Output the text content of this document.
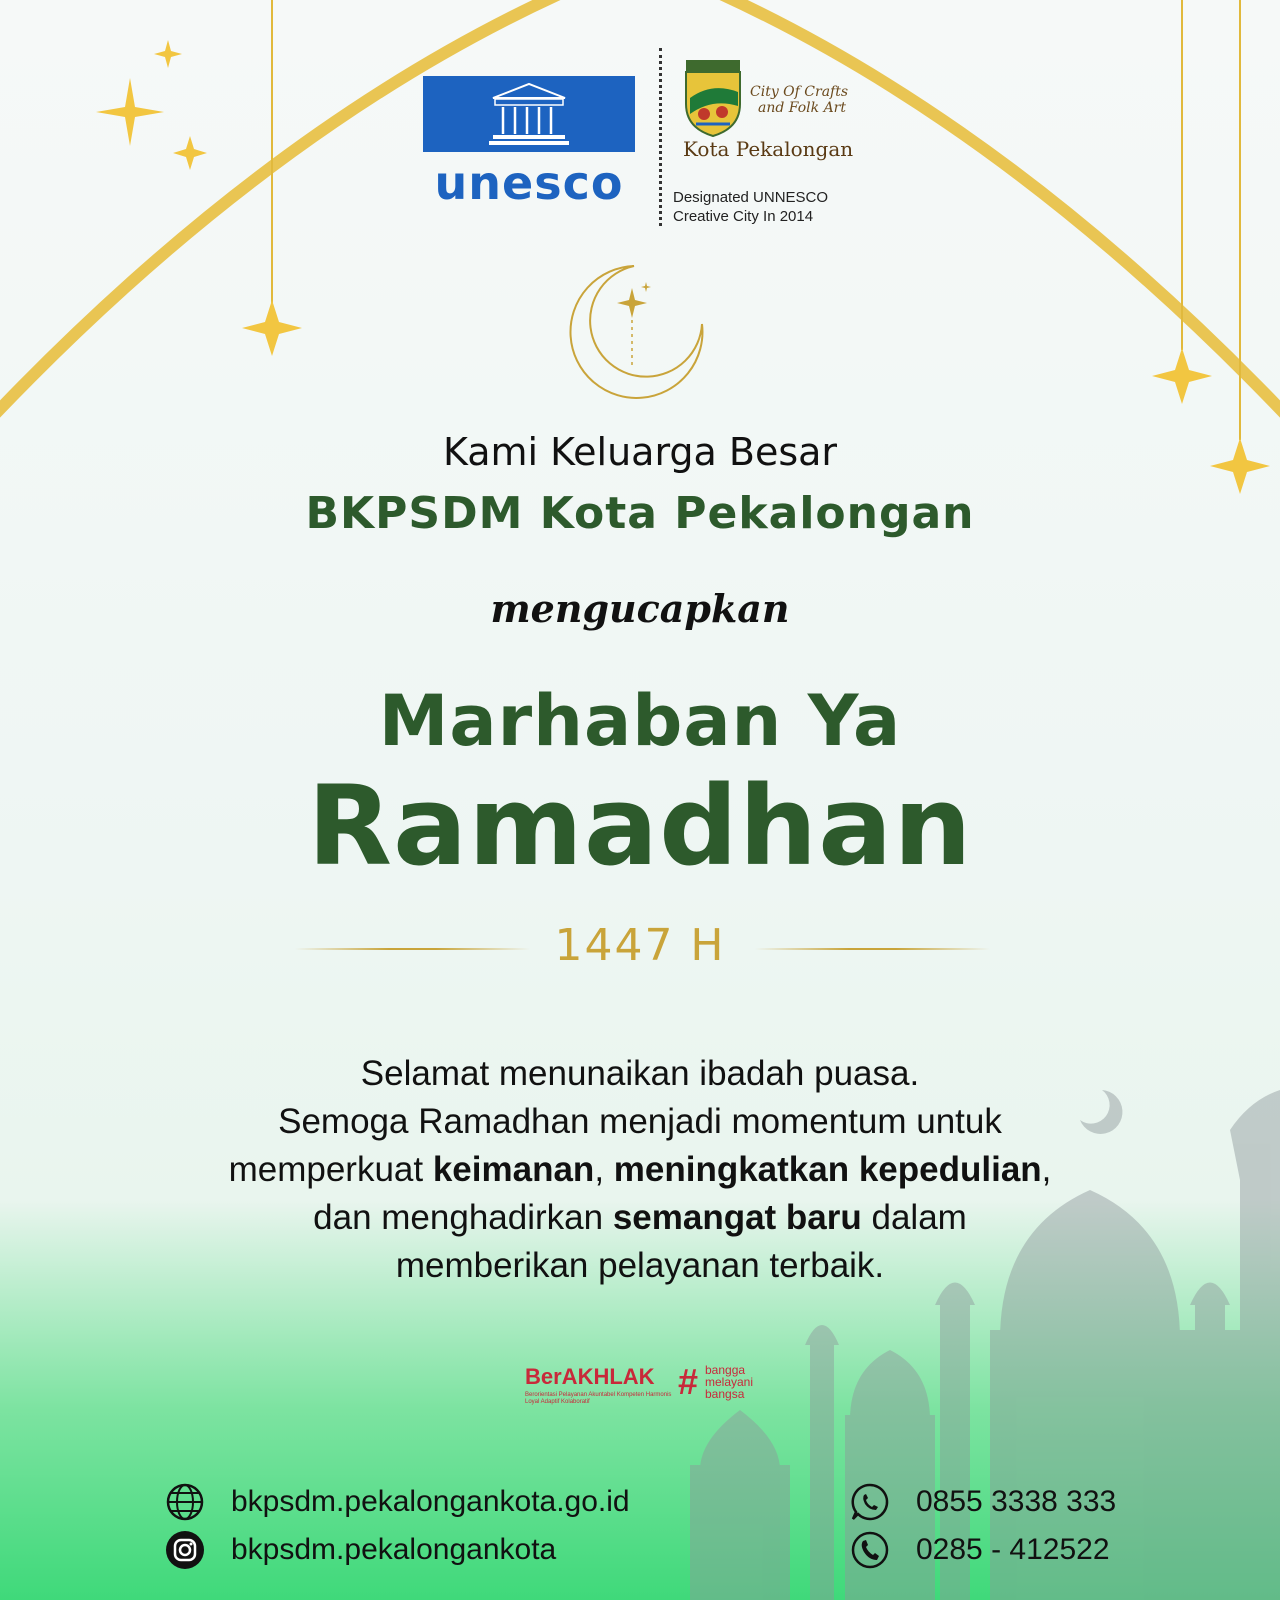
unesco
City Of Crafts
and Folk Art
Kota Pekalongan
Designated UNNESCO
Creative City In 2014
Kami Keluarga Besar
BKPSDM Kota Pekalongan
mengucapkan
Marhaban Ya
Ramadhan
1447 H
Selamat menunaikan ibadah puasa.
Semoga Ramadhan menjadi momentum untuk
memperkuat keimanan, meningkatkan kepedulian,
dan menghadirkan semangat baru dalam
memberikan pelayanan terbaik.
BerAKHLAK
Berorientasi Pelayanan Akuntabel Kompeten Harmonis Loyal Adaptif Kolaboratif	# bangga
melayani
bangsa
bkpsdm.pekalongankota.go.id
bkpsdm.pekalongankota
0855 3338 333
0285 - 412522
